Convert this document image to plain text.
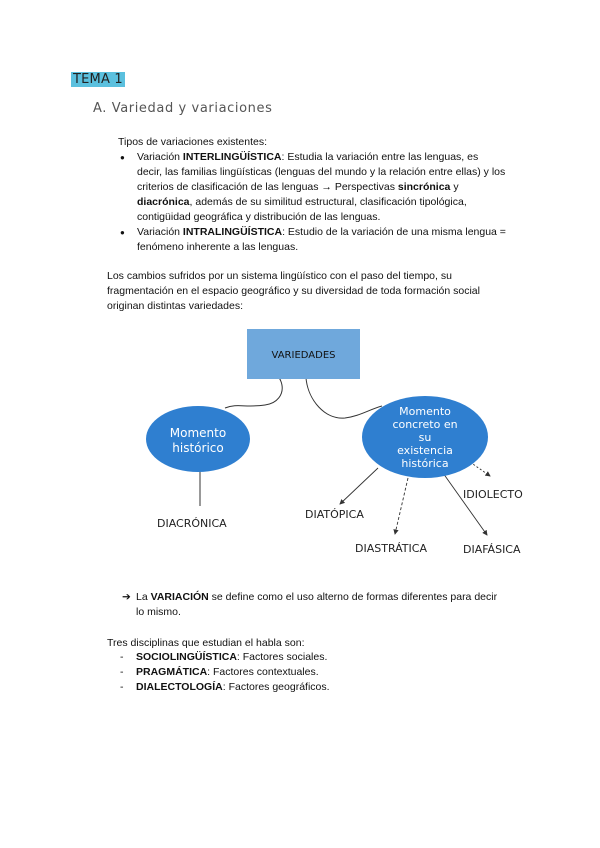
TEMA 1
A. Variedad y variaciones
Tipos de variaciones existentes:
● Variación INTERLINGÜÍSTICA: Estudia la variación entre las lenguas, es
decir, las familias lingüísticas (lenguas del mundo y la relación entre ellas) y los
criterios de clasificación de las lenguas → Perspectivas sincrónica y
diacrónica, además de su similitud estructural, clasificación tipológica,
contigüidad geográfica y distribución de las lenguas.
● Variación INTRALINGÜÍSTICA: Estudio de la variación de una misma lengua =
fenómeno inherente a las lenguas.
Los cambios sufridos por un sistema lingüístico con el paso del tiempo, su
fragmentación en el espacio geográfico y su diversidad de toda formación social
originan distintas variedades:
VARIEDADES
Momento
histórico
Momento
concreto en
su
existencia
histórica
DIACRÓNICA
DIATÓPICA
DIASTRÁTICA	DIAFÁSICA
IDIOLECTO
➔ La VARIACIÓN se define como el uso alterno de formas diferentes para decir
lo mismo.
Tres disciplinas que estudian el habla son:
- SOCIOLINGÜÍSTICA: Factores sociales.
- PRAGMÁTICA: Factores contextuales.
- DIALECTOLOGÍA: Factores geográficos.
